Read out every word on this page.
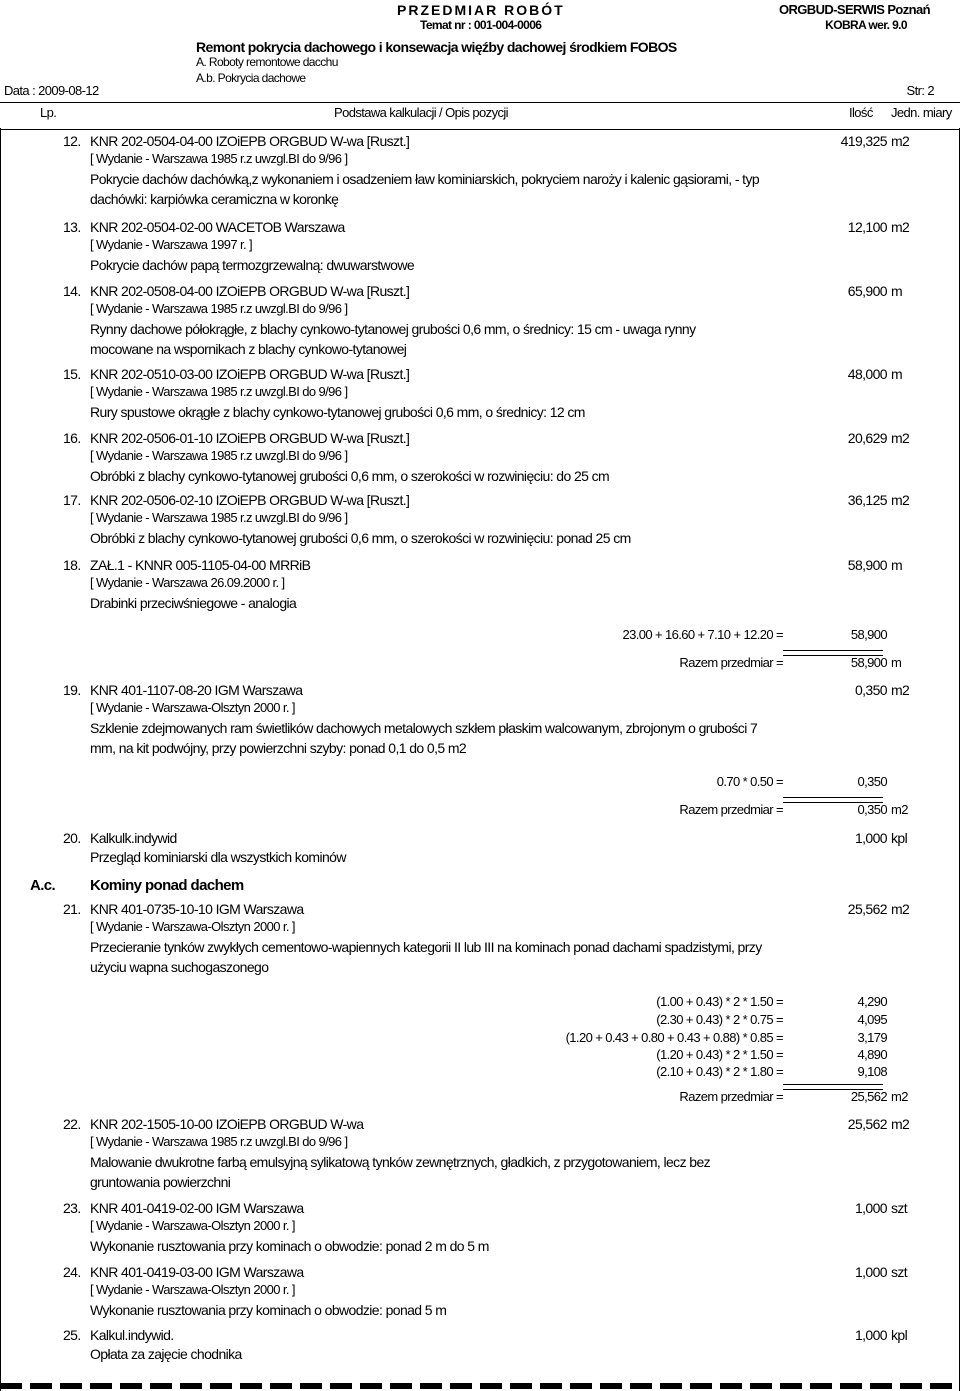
PRZEDMIAR ROBÓT	ORGBUD-SERWIS Poznań
Temat nr : 001-004-0006	KOBRA wer. 9.0
Remont pokrycia dachowego i konsewacja więźby dachowej środkiem FOBOS
A. Roboty remontowe dacchu
A.b. Pokrycia dachowe
Data : 2009-08-12	Str: 2
Lp.	Podstawa kalkulacji / Opis pozycji	Ilość Jedn. miary
12. KNR 202-0504-04-00 IZOiEPB ORGBUD W-wa [Ruszt.]	419,325 m2
[ Wydanie - Warszawa 1985 r.z uwzgl.BI do 9/96 ]
Pokrycie dachów dachówką,z wykonaniem i osadzeniem ław kominiarskich, pokryciem naroży i kalenic gąsiorami, - typ
dachówki: karpiówka ceramiczna w koronkę
13. KNR 202-0504-02-00 WACETOB Warszawa	12,100 m2
[ Wydanie - Warszawa 1997 r. ]
Pokrycie dachów papą termozgrzewalną: dwuwarstwowe
14. KNR 202-0508-04-00 IZOiEPB ORGBUD W-wa [Ruszt.]	65,900 m
[ Wydanie - Warszawa 1985 r.z uwzgl.BI do 9/96 ]
Rynny dachowe półokrągłe, z blachy cynkowo-tytanowej grubości 0,6 mm, o średnicy: 15 cm - uwaga rynny
mocowane na wspornikach z blachy cynkowo-tytanowej
15. KNR 202-0510-03-00 IZOiEPB ORGBUD W-wa [Ruszt.]	48,000 m
[ Wydanie - Warszawa 1985 r.z uwzgl.BI do 9/96 ]
Rury spustowe okrągłe z blachy cynkowo-tytanowej grubości 0,6 mm, o średnicy: 12 cm
16. KNR 202-0506-01-10 IZOiEPB ORGBUD W-wa [Ruszt.]	20,629 m2
[ Wydanie - Warszawa 1985 r.z uwzgl.BI do 9/96 ]
Obróbki z blachy cynkowo-tytanowej grubości 0,6 mm, o szerokości w rozwinięciu: do 25 cm
17. KNR 202-0506-02-10 IZOiEPB ORGBUD W-wa [Ruszt.]	36,125 m2
[ Wydanie - Warszawa 1985 r.z uwzgl.BI do 9/96 ]
Obróbki z blachy cynkowo-tytanowej grubości 0,6 mm, o szerokości w rozwinięciu: ponad 25 cm
18. ZAŁ.1 - KNNR 005-1105-04-00 MRRiB	58,900 m
[ Wydanie - Warszawa 26.09.2000 r. ]
Drabinki przeciwśniegowe - analogia
23.00 + 16.60 + 7.10 + 12.20 =	58,900
Razem przedmiar =	58,900 m
19. KNR 401-1107-08-20 IGM Warszawa	0,350 m2
[ Wydanie - Warszawa-Olsztyn 2000 r. ]
Szklenie zdejmowanych ram świetlików dachowych metalowych szkłem płaskim walcowanym, zbrojonym o grubości 7
mm, na kit podwójny, przy powierzchni szyby: ponad 0,1 do 0,5 m2
0.70 * 0.50 =	0,350
Razem przedmiar =	0,350 m2
20. Kalkulk.indywid	1,000 kpl
Przegląd kominiarski dla wszystkich kominów
21. KNR 401-0735-10-10 IGM Warszawa	25,562 m2
[ Wydanie - Warszawa-Olsztyn 2000 r. ]
Przecieranie tynków zwykłych cementowo-wapiennych kategorii II lub III na kominach ponad dachami spadzistymi, przy
użyciu wapna suchogaszonego
(1.00 + 0.43) * 2 * 1.50 =	4,290
(2.30 + 0.43) * 2 * 0.75 =	4,095
(1.20 + 0.43 + 0.80 + 0.43 + 0.88) * 0.85 =	3,179
(1.20 + 0.43) * 2 * 1.50 =	4,890
(2.10 + 0.43) * 2 * 1.80 =	9,108
Razem przedmiar =	25,562 m2
22. KNR 202-1505-10-00 IZOiEPB ORGBUD W-wa	25,562 m2
[ Wydanie - Warszawa 1985 r.z uwzgl.BI do 9/96 ]
Malowanie dwukrotne farbą emulsyjną sylikatową tynków zewnętrznych, gładkich, z przygotowaniem, lecz bez
gruntowania powierzchni
23. KNR 401-0419-02-00 IGM Warszawa	1,000 szt
[ Wydanie - Warszawa-Olsztyn 2000 r. ]
Wykonanie rusztowania przy kominach o obwodzie: ponad 2 m do 5 m
24. KNR 401-0419-03-00 IGM Warszawa	1,000 szt
[ Wydanie - Warszawa-Olsztyn 2000 r. ]
Wykonanie rusztowania przy kominach o obwodzie: ponad 5 m
25. Kalkul.indywid.	1,000 kpl
Opłata za zajęcie chodnika
A.c. Kominy ponad dachem
